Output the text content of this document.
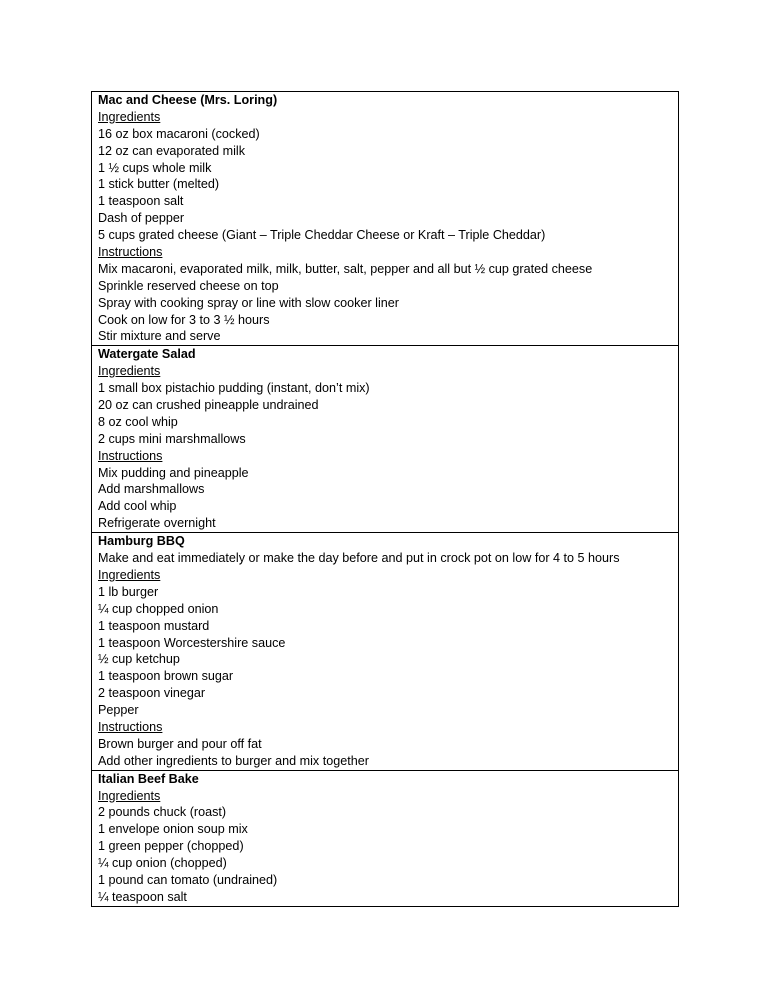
Mac and Cheese (Mrs. Loring)
Ingredients
16 oz box macaroni (cocked)
12 oz can evaporated milk
1 ½ cups whole milk
1 stick butter (melted)
1 teaspoon salt
Dash of pepper
5 cups grated cheese (Giant – Triple Cheddar Cheese or Kraft – Triple Cheddar)
Instructions
Mix macaroni, evaporated milk, milk, butter, salt, pepper and all but ½ cup grated cheese
Sprinkle reserved cheese on top
Spray with cooking spray or line with slow cooker liner
Cook on low for 3 to 3 ½ hours
Stir mixture and serve
Watergate Salad
Ingredients
1 small box pistachio pudding (instant, don’t mix)
20 oz can crushed pineapple undrained
8 oz cool whip
2 cups mini marshmallows
Instructions
Mix pudding and pineapple
Add marshmallows
Add cool whip
Refrigerate overnight
Hamburg BBQ
Make and eat immediately or make the day before and put in crock pot on low for 4 to 5 hours
Ingredients
1 lb burger
¼ cup chopped onion
1 teaspoon mustard
1 teaspoon Worcestershire sauce
½ cup ketchup
1 teaspoon brown sugar
2 teaspoon vinegar
Pepper
Instructions
Brown burger and pour off fat
Add other ingredients to burger and mix together
Italian Beef Bake
Ingredients
2 pounds chuck (roast)
1 envelope onion soup mix
1 green pepper (chopped)
¼ cup onion (chopped)
1 pound can tomato (undrained)
¼ teaspoon salt
